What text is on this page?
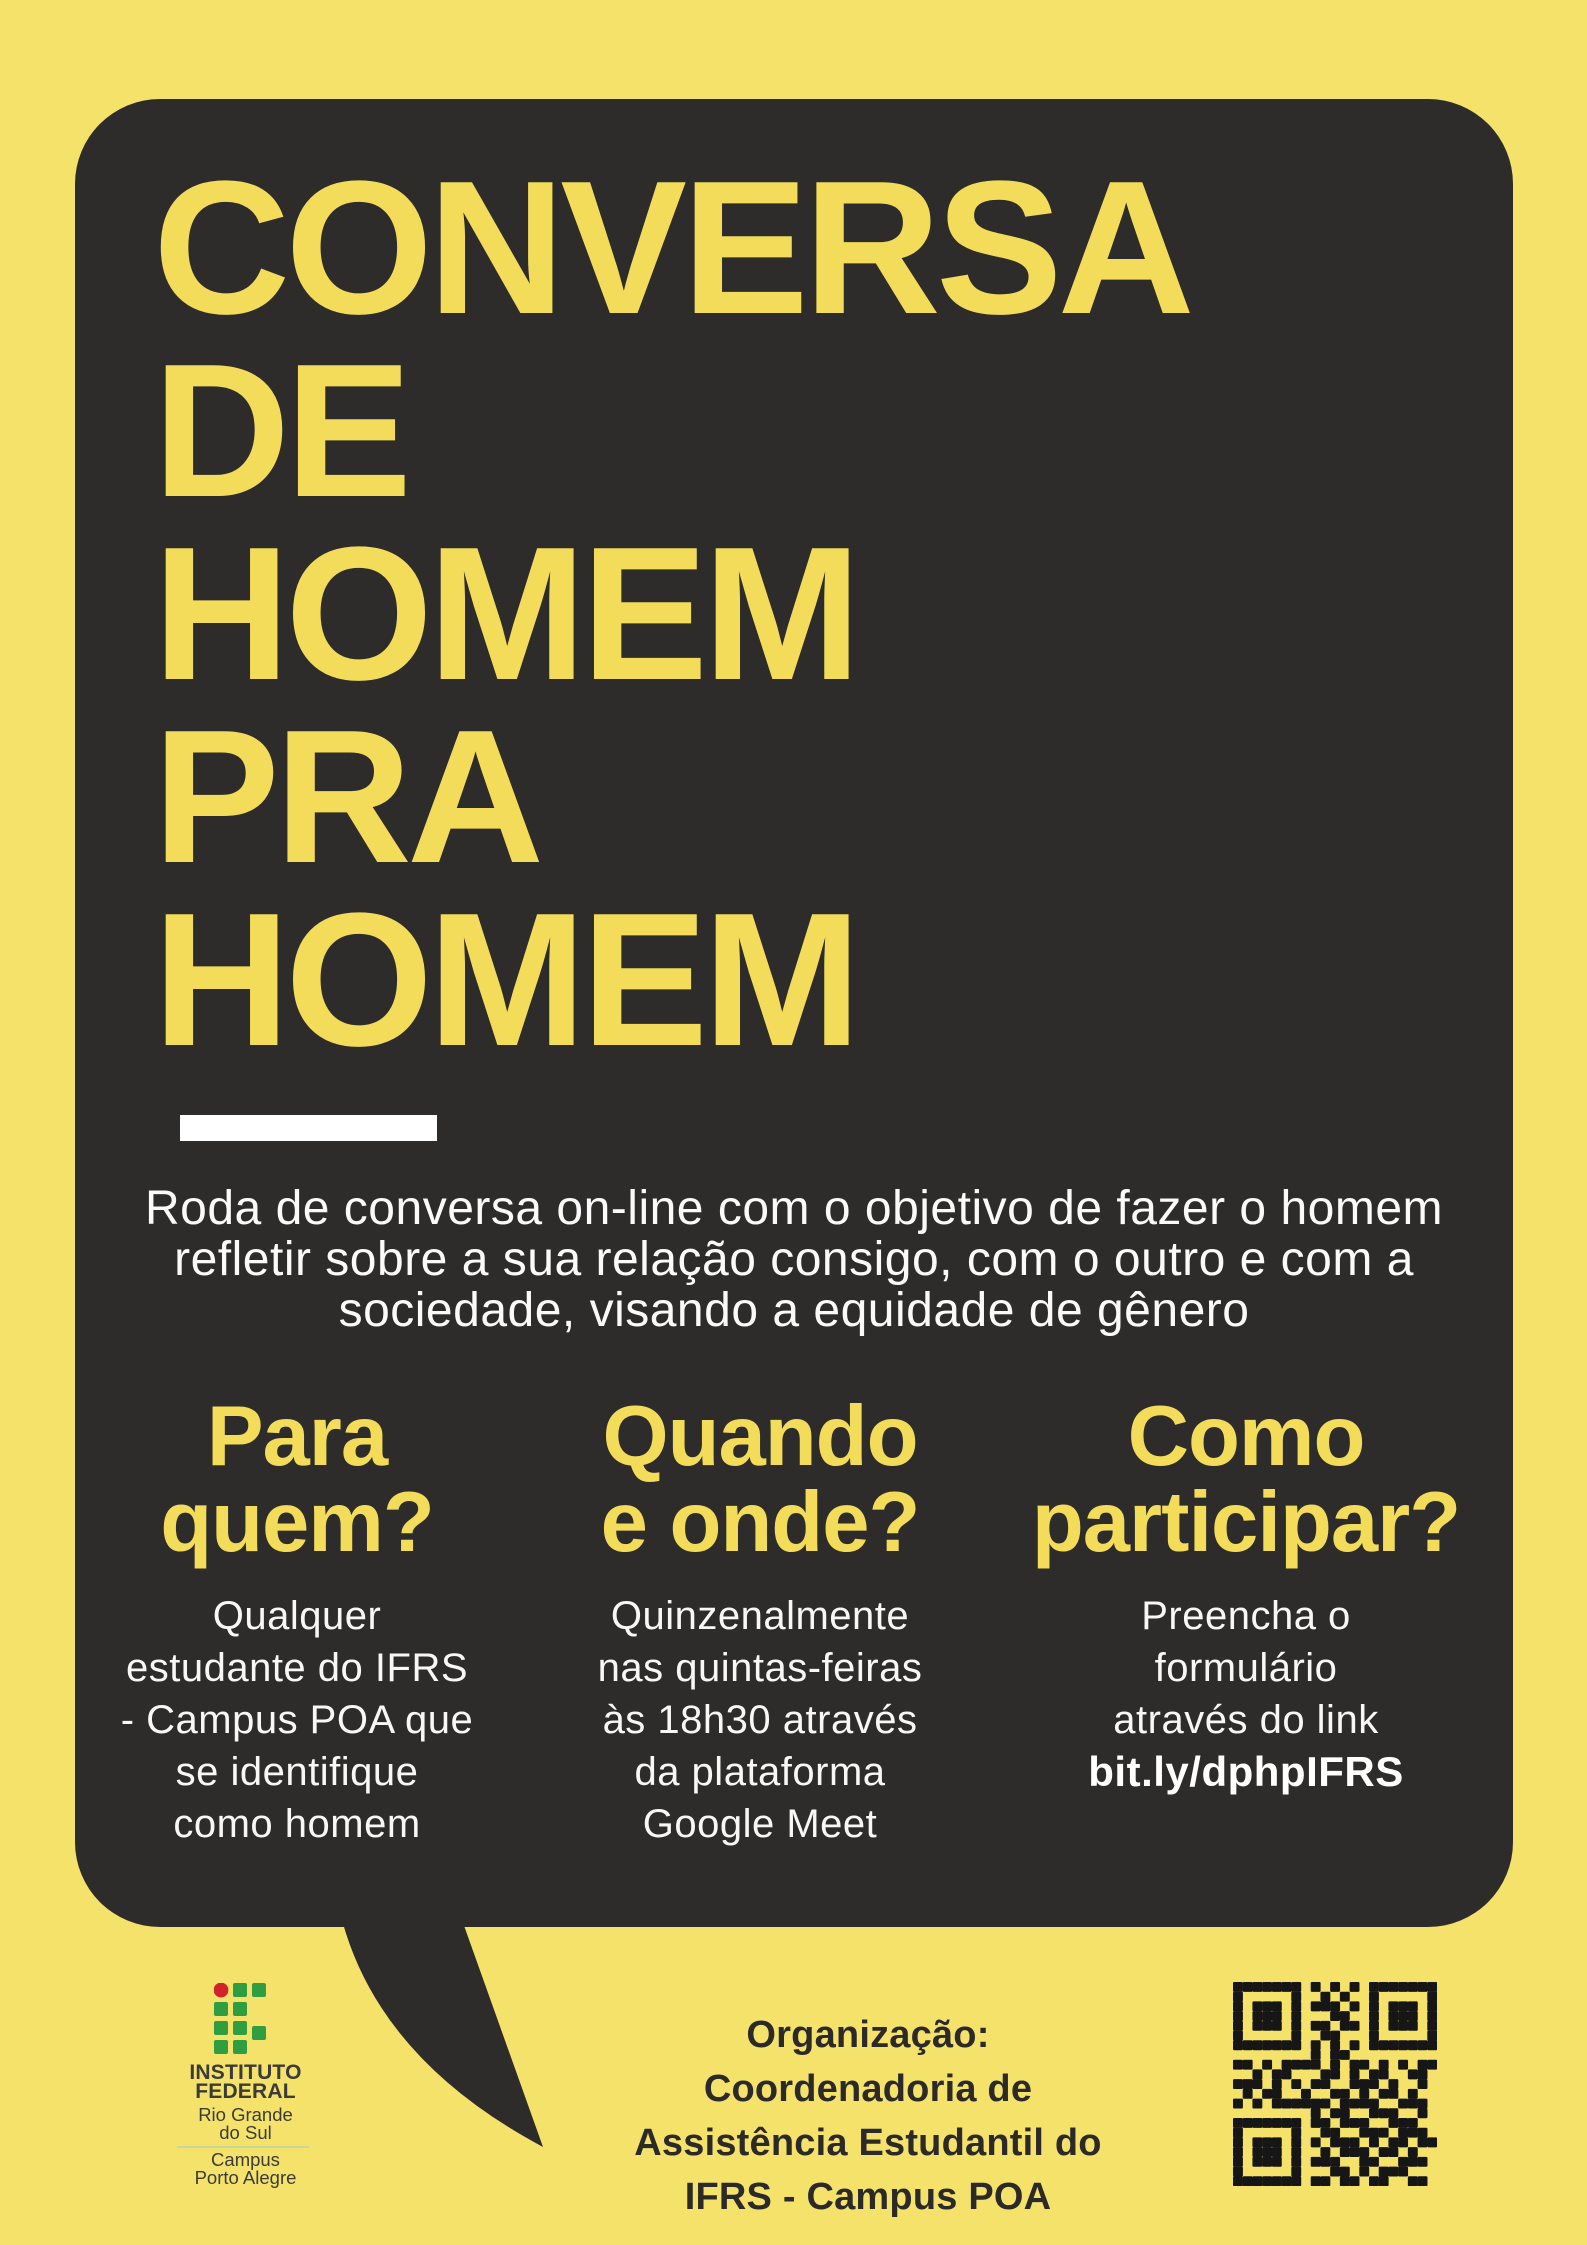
CONVERSA
DE
HOMEM
PRA
HOMEM
Roda de conversa on-line com o objetivo de fazer o homem
refletir sobre a sua relação consigo, com o outro e com a
sociedade, visando a equidade de gênero
Para
quem?
Quando
e onde?
Como
participar?
Qualquer
estudante do IFRS
- Campus POA que
se identifique
como homem
Quinzenalmente
nas quintas-feiras
às 18h30 através
da plataforma
Google Meet
Preencha o
formulário
através do link
bit.ly/dphpIFRS
INSTITUTO
FEDERAL
Rio Grande
do Sul
Campus
Porto Alegre
Organização:
Coordenadoria de
Assistência Estudantil do
IFRS - Campus POA
